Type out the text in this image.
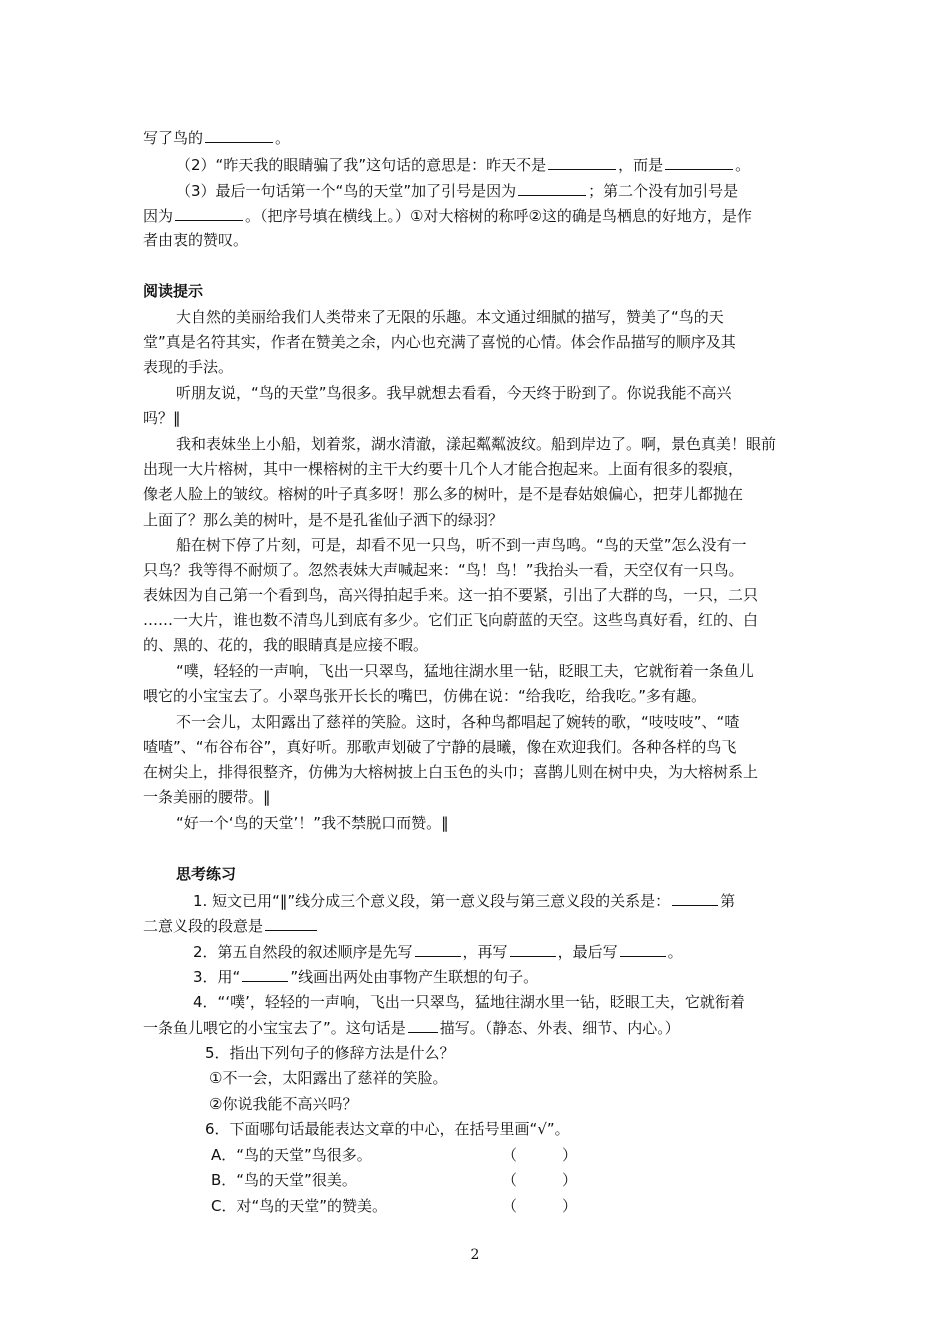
写了鸟的	。
（2）“昨天我的眼睛骗了我”这句话的意思是：昨天不是	，而是	。
（3）最后一句话第一个“鸟的天堂”加了引号是因为	；第二个没有加引号是
因为	。（把序号填在横线上。）①对大榕树的称呼②这的确是鸟栖息的好地方，是作
者由衷的赞叹。
阅读提示
大自然的美丽给我们人类带来了无限的乐趣。本文通过细腻的描写，赞美了“鸟的天
堂”真是名符其实，作者在赞美之余，内心也充满了喜悦的心情。体会作品描写的顺序及其
表现的手法。
听朋友说，“鸟的天堂”鸟很多。我早就想去看看，今天终于盼到了。你说我能不高兴
吗？‖
我和表妹坐上小船，划着浆，湖水清澈，漾起粼粼波纹。船到岸边了。啊，景色真美！眼前
出现一大片榕树，其中一棵榕树的主干大约要十几个人才能合抱起来。上面有很多的裂痕，
像老人脸上的皱纹。榕树的叶子真多呀！那么多的树叶，是不是春姑娘偏心，把芽儿都抛在
上面了？那么美的树叶，是不是孔雀仙子洒下的绿羽？
船在树下停了片刻，可是，却看不见一只鸟，听不到一声鸟鸣。“鸟的天堂”怎么没有一
只鸟？我等得不耐烦了。忽然表妹大声喊起来：“鸟！鸟！”我抬头一看，天空仅有一只鸟。
表妹因为自己第一个看到鸟，高兴得拍起手来。这一拍不要紧，引出了大群的鸟，一只，二只
……一大片，谁也数不清鸟儿到底有多少。它们正飞向蔚蓝的天空。这些鸟真好看，红的、白
的、黑的、花的，我的眼睛真是应接不暇。
“噗，轻轻的一声响，飞出一只翠鸟，猛地往湖水里一钻，眨眼工夫，它就衔着一条鱼儿
喂它的小宝宝去了。小翠鸟张开长长的嘴巴，仿佛在说：“给我吃，给我吃。”多有趣。
不一会儿，太阳露出了慈祥的笑脸。这时，各种鸟都唱起了婉转的歌，“吱吱吱”、“喳
喳喳”、“布谷布谷”，真好听。那歌声划破了宁静的晨曦，像在欢迎我们。各种各样的鸟飞
在树尖上，排得很整齐，仿佛为大榕树披上白玉色的头巾；喜鹊儿则在树中央，为大榕树系上
一条美丽的腰带。‖
“好一个‘鸟的天堂’！”我不禁脱口而赞。‖
思考练习
1. 短文已用“‖”线分成三个意义段，第一意义段与第三意义段的关系是：	第
二意义段的段意是
2．第五自然段的叙述顺序是先写	，再写	，最后写	。
3．用“	”线画出两处由事物产生联想的句子。
4．“‘噗’，轻轻的一声响，飞出一只翠鸟，猛地往湖水里一钻，眨眼工夫，它就衔着
一条鱼儿喂它的小宝宝去了”。这句话是 描写。（静态、外表、细节、内心。）
5．指出下列句子的修辞方法是什么？
①不一会，太阳露出了慈祥的笑脸。
②你说我能不高兴吗？
6．下面哪句话最能表达文章的中心，在括号里画“√”。
A．“鸟的天堂”鸟很多。	（　　　）
B．“鸟的天堂”很美。	（　　　）
C．对“鸟的天堂”的赞美。	（　　　）
2
